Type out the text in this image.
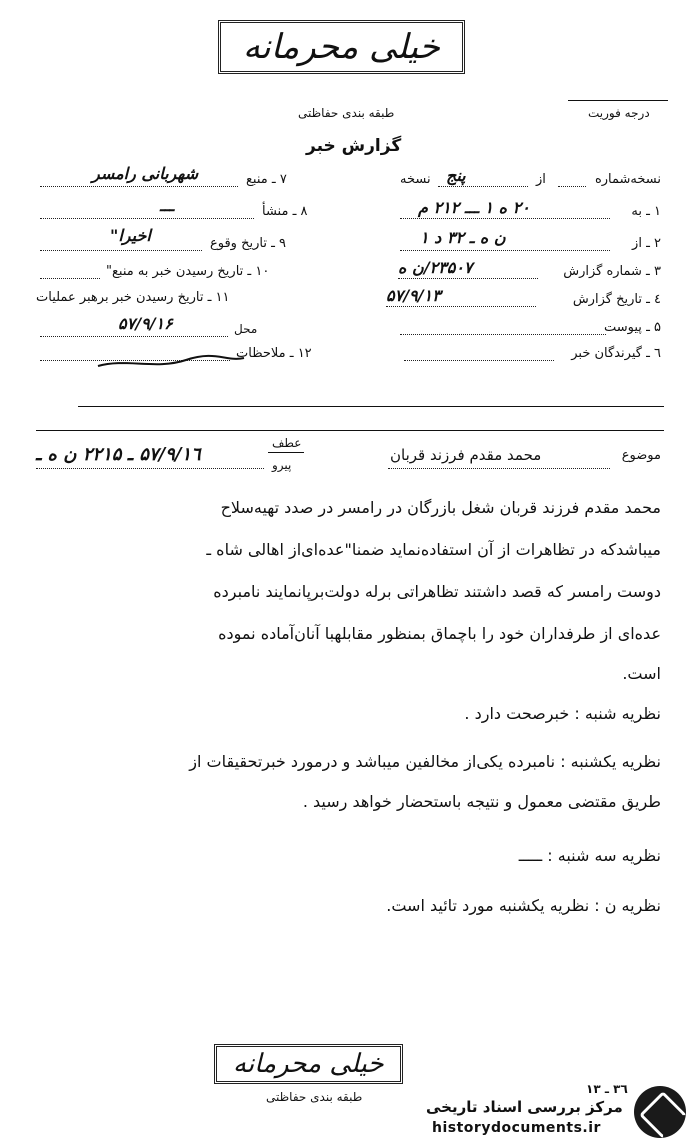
خیلی محرمانه
طبقه بندی حفاظتی	درجه فوریت
گزارش خبر
نسخه‌شماره
از
پنج
نسخه
۱ ـ به
۲۰ ه ۱ ـــ ۲۱۲ م
۲ ـ از
ن ه ـ ۳۲ د ۱
۳ ـ شماره گزارش
۲۳۵۰۷/ن ه
٤ ـ تاریخ گزارش
۵۷/۹/۱۳
۵ ـ پیوست
٦ ـ گیرندگان خبر
۷ ـ منبع
شهربانی رامسر
۸ ـ منشأ
ـــ
۹ ـ تاریخ وقوع
اخیرا"
۱۰ ـ تاریخ رسیدن خبر به منبع"
۱۱ ـ تاریخ رسیدن خبر برهبر عملیات
محل
۵۷/۹/۱۶
۱۲ ـ ملاحظات
عطف
پیرو
۵۷/۹/۱٦ ـ ۲۲۱۵ ن ه ـ	موضوع
محمد مقدم فرزند قربان
محمد مقدم فرزند قربان شغل بازرگان در رامسر در صدد تهیه‌سلاح
میباشدکه در تظاهرات از آن استفاده‌نماید ضمنا"عده‌ای‌از اهالی شاه ـ
دوست رامسر که قصد داشتند تظاهراتی برله دولت‌برپانمایند نامبرده
عده‌ای از طرفداران خود را باچماق بمنظور مقابلهبا آنان‌آماده نموده
است.
نظریه شنبه : خبرصحت دارد .
نظریه یکشنبه : نامبرده یکی‌از مخالفین میباشد و درمورد خبرتحقیقات از
طریق مقتضی معمول و نتیجه باستحضار خواهد رسید .
نظریه سه شنبه : ـــــ
نظریه ن : نظریه یکشنبه مورد تائید است.
خیلی محرمانه
طبقه بندی حفاظتی
۳٦ ـ ۱۳
مرکز بررسی اسناد تاریخی
historydocuments.ir
